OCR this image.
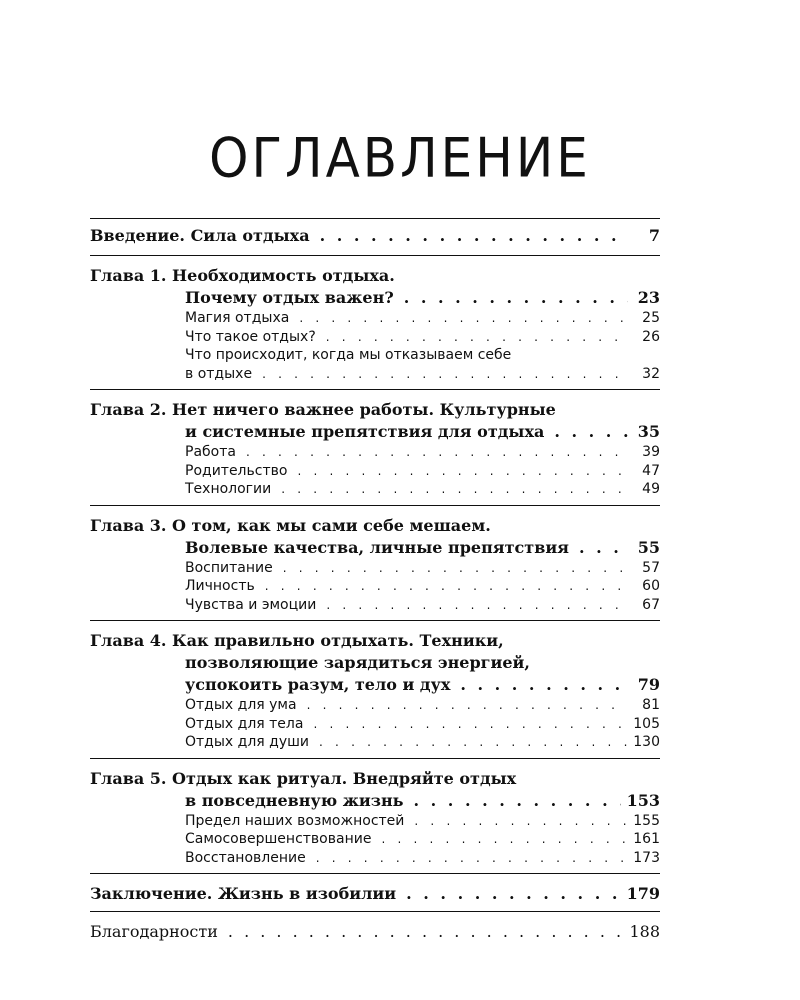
ОГЛАВЛЕНИЕ
Введение. Сила отдыха . . .	7
Глава 1. Необходимость отдыха.
Почему отдых важен? . . .	23
Магия отдыха . . .	25
Что такое отдых? . . .	26
Что происходит, когда мы отказываем себе
в отдыхе . . .	32
Глава 2. Нет ничего важнее работы. Культурные
и системные препятствия для отдыха . . .	35
Работа . . .	39
Родительство . . .	47
Технологии . . .	49
Глава 3. О том, как мы сами себе мешаем.
Волевые качества, личные препятствия . . .	55
Воспитание . . .	57
Личность . . .	60
Чувства и эмоции . . .	67
Глава 4. Как правильно отдыхать. Техники,
позволяющие зарядиться энергией,
успокоить разум, тело и дух . . .	79
Отдых для ума . . .	81
Отдых для тела . . .	105
Отдых для души . . .	130
Глава 5. Отдых как ритуал. Внедряйте отдых
в повседневную жизнь . . .	153
Предел наших возможностей . . .	155
Самосовершенствование . . .	161
Восстановление . . .	173
Заключение. Жизнь в изобилии . . .	179
Благодарности . . .	188
